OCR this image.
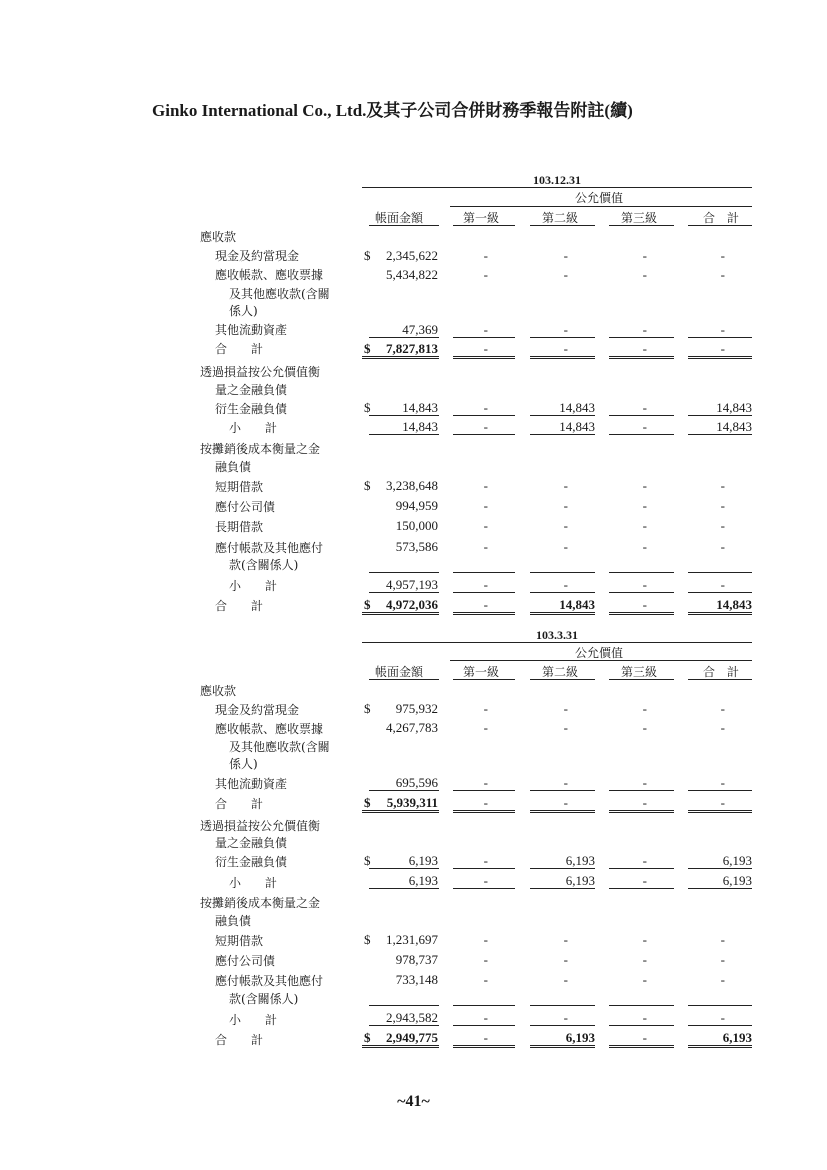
Ginko International Co., Ltd.及其子公司合併財務季報告附註(續)
103.12.31
公允價值
帳面金額	第一級	第二級	第三級	合　計
應收款
現金及約當現金	$	2,345,622	-	-	-	-
應收帳款、應收票據
及其他應收款(含關
係人)
5,434,822	-	-	-	-
其他流動資產	47,369	-	-	-	-
合　　計	$	7,827,813	-	-	-	-
透過損益按公允價值衡
量之金融負債
衍生金融負債	$	14,843	-	14,843	-	14,843
小　　計	14,843	-	14,843	-	14,843
按攤銷後成本衡量之金
融負債
短期借款	$	3,238,648	-	-	-	-
應付公司債	994,959	-	-	-	-
長期借款	150,000	-	-	-	-
應付帳款及其他應付
款(含關係人)
573,586	-	-	-	-
小　　計	4,957,193	-	-	-	-
合　　計	$	4,972,036	-	14,843	-	14,843
103.3.31
公允價值
帳面金額	第一級	第二級	第三級	合　計
應收款
現金及約當現金	$	975,932	-	-	-	-
應收帳款、應收票據
及其他應收款(含關
係人)
4,267,783	-	-	-	-
其他流動資產	695,596	-	-	-	-
合　　計	$	5,939,311	-	-	-	-
透過損益按公允價值衡
量之金融負債
衍生金融負債	$	6,193	-	6,193	-	6,193
小　　計	6,193	-	6,193	-	6,193
按攤銷後成本衡量之金
融負債
短期借款	$	1,231,697	-	-	-	-
應付公司債	978,737	-	-	-	-
應付帳款及其他應付
款(含關係人)
733,148	-	-	-	-
小　　計	2,943,582	-	-	-	-
合　　計	$	2,949,775	-	6,193	-	6,193
~41~
